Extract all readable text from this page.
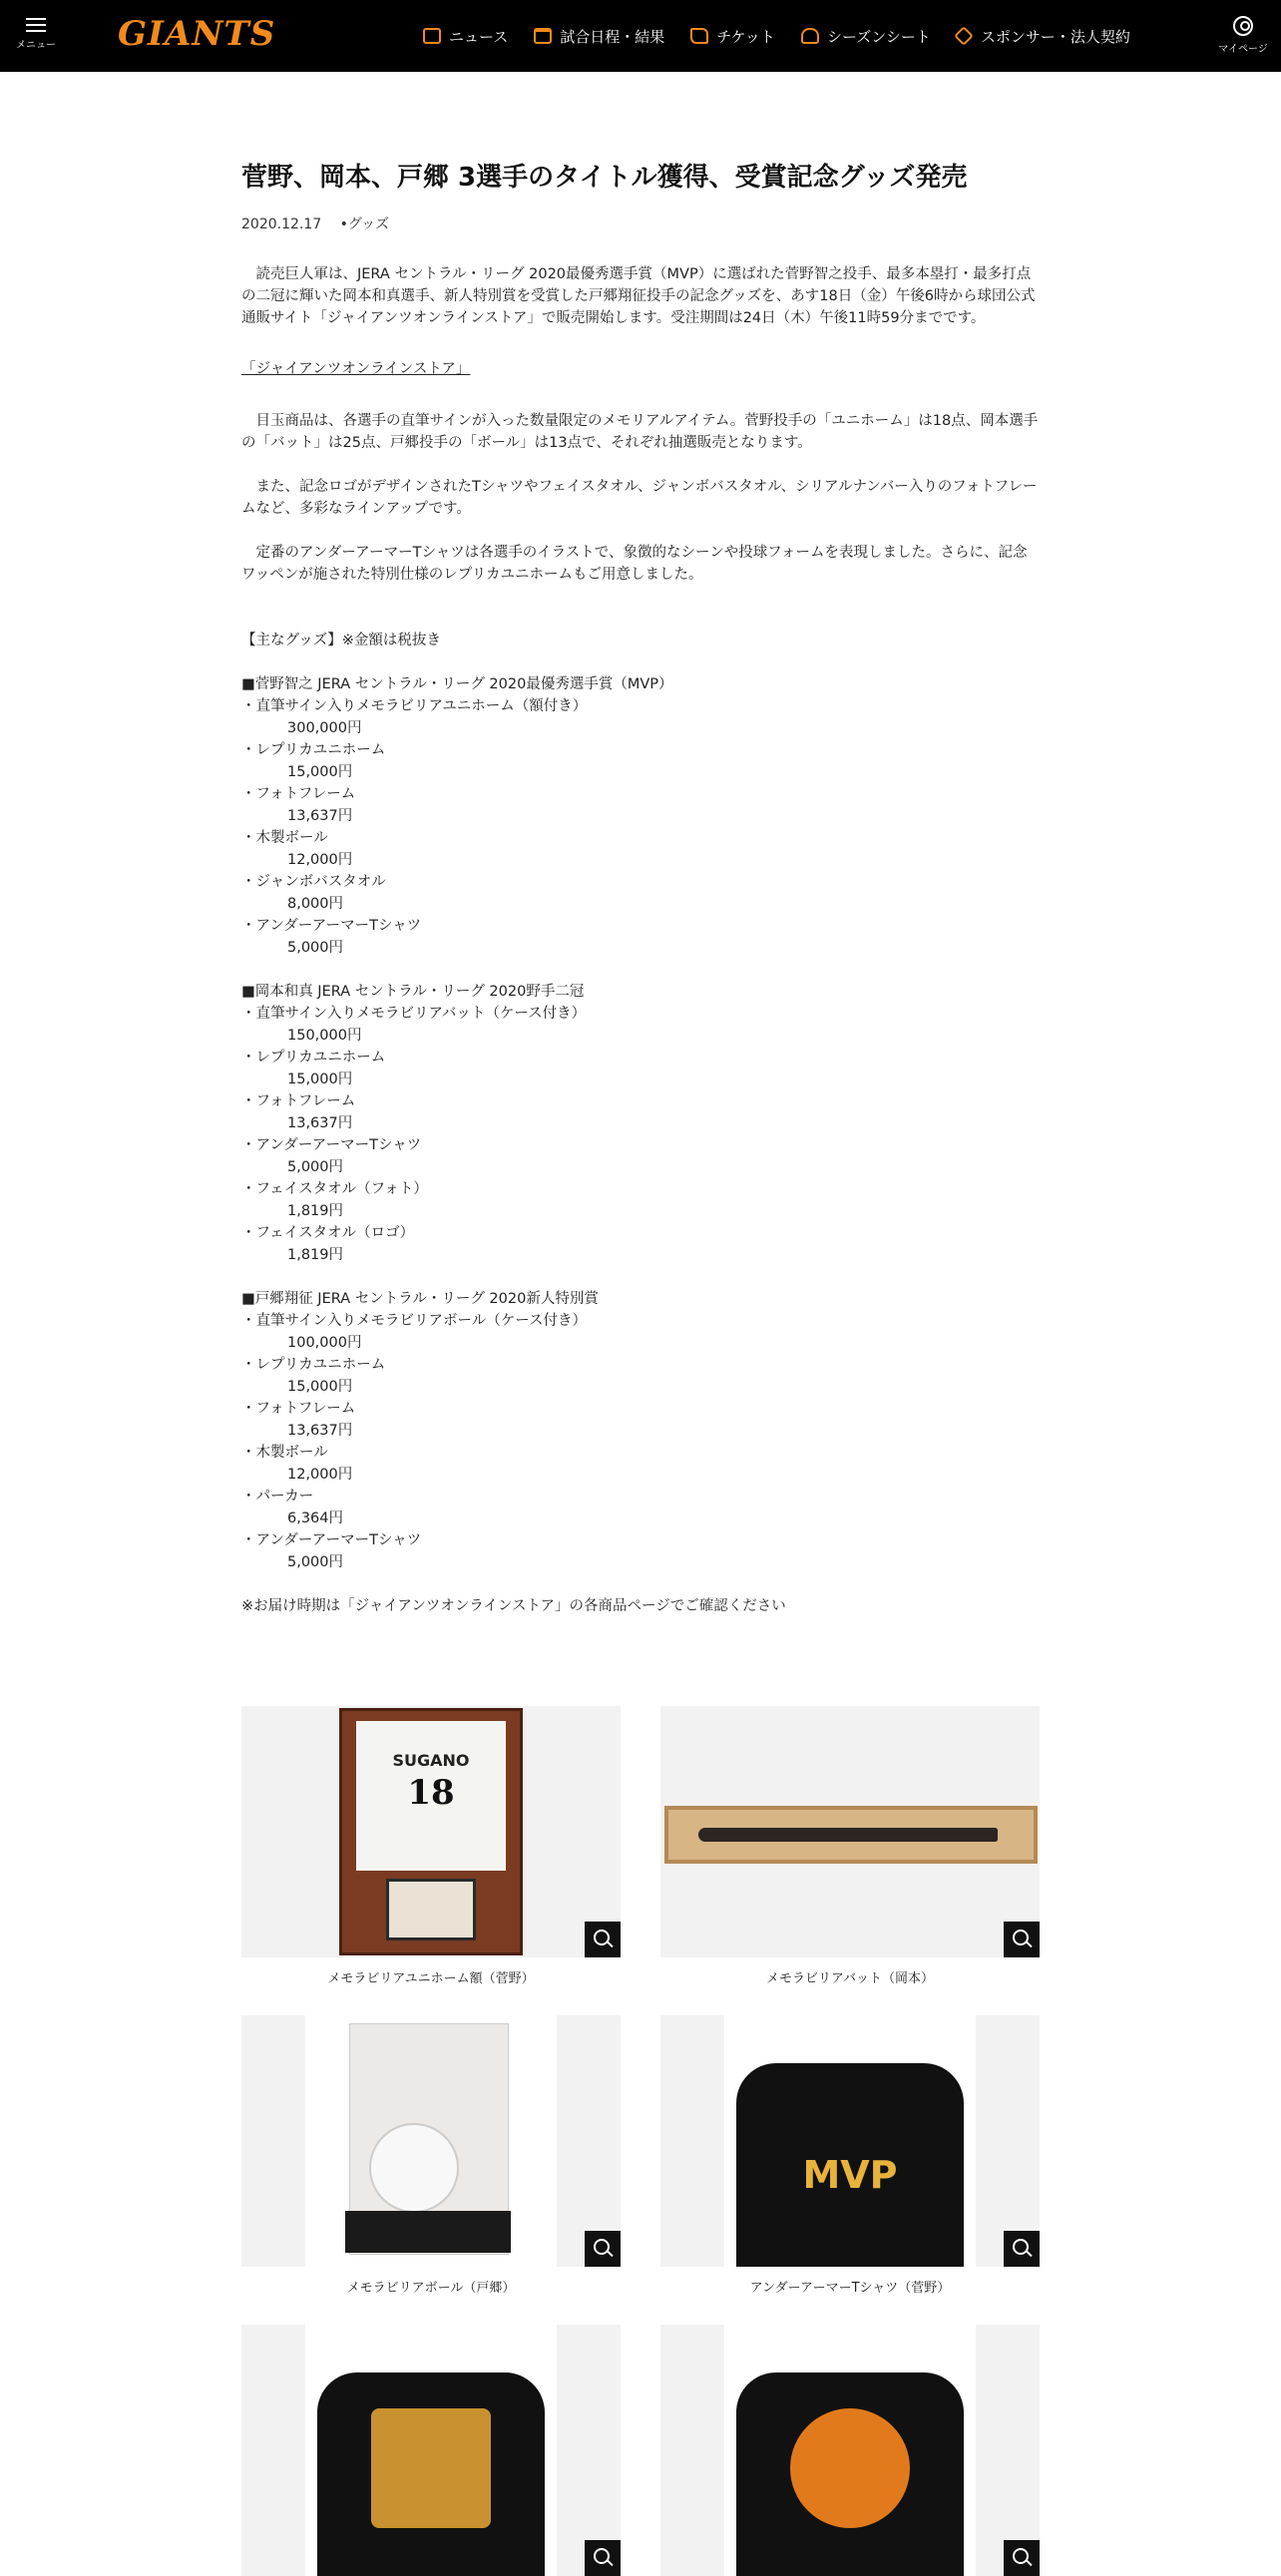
メニュー GIANTS	ニュース	試合日程・結果	チケット	シーズンシート	スポンサー・法人契約
マイページ
菅野、岡本、戸郷 3選手のタイトル獲得、受賞記念グッズ発売
2020.12.17 •グッズ

読売巨人軍は、JERA セントラル・リーグ 2020最優秀選手賞（MVP）に選ばれた菅野智之投手、最多本塁打・最多打点の二冠に輝いた岡本和真選手、新人特別賞を受賞した戸郷翔征投手の記念グッズを、あす18日（金）午後6時から球団公式通販サイト「ジャイアンツオンラインストア」で販売開始します。受注期間は24日（木）午後11時59分までです。

「ジャイアンツオンラインストア」

目玉商品は、各選手の直筆サインが入った数量限定のメモリアルアイテム。菅野投手の「ユニホーム」は18点、岡本選手の「バット」は25点、戸郷投手の「ボール」は13点で、それぞれ抽選販売となります。

また、記念ロゴがデザインされたTシャツやフェイスタオル、ジャンボバスタオル、シリアルナンバー入りのフォトフレームなど、多彩なラインアップです。

定番のアンダーアーマーTシャツは各選手のイラストで、象徴的なシーンや投球フォームを表現しました。さらに、記念ワッペンが施された特別仕様のレプリカユニホームもご用意しました。

【主なグッズ】※金額は税抜き
■菅野智之 JERA セントラル・リーグ 2020最優秀選手賞（MVP）
・直筆サイン入りメモラビリアユニホーム（額付き）
300,000円
・レプリカユニホーム
15,000円
・フォトフレーム
13,637円
・木製ボール
12,000円
・ジャンボバスタオル
8,000円
・アンダーアーマーTシャツ
5,000円
■岡本和真 JERA セントラル・リーグ 2020野手二冠
・直筆サイン入りメモラビリアバット（ケース付き）
150,000円
・レプリカユニホーム
15,000円
・フォトフレーム
13,637円
・アンダーアーマーTシャツ
5,000円
・フェイスタオル（フォト）
1,819円
・フェイスタオル（ロゴ）
1,819円
■戸郷翔征 JERA セントラル・リーグ 2020新人特別賞
・直筆サイン入りメモラビリアボール（ケース付き）
100,000円
・レプリカユニホーム
15,000円
・フォトフレーム
13,637円
・木製ボール
12,000円
・パーカー
6,364円
・アンダーアーマーTシャツ
5,000円
※お届け時期は「ジャイアンツオンラインストア」の各商品ページでご確認ください
SUGANO
18
メモラビリアユニホーム額（菅野）	メモラビリアバット（岡本）
メモラビリアボール（戸郷）
MVP
アンダーアーマーTシャツ（菅野）
